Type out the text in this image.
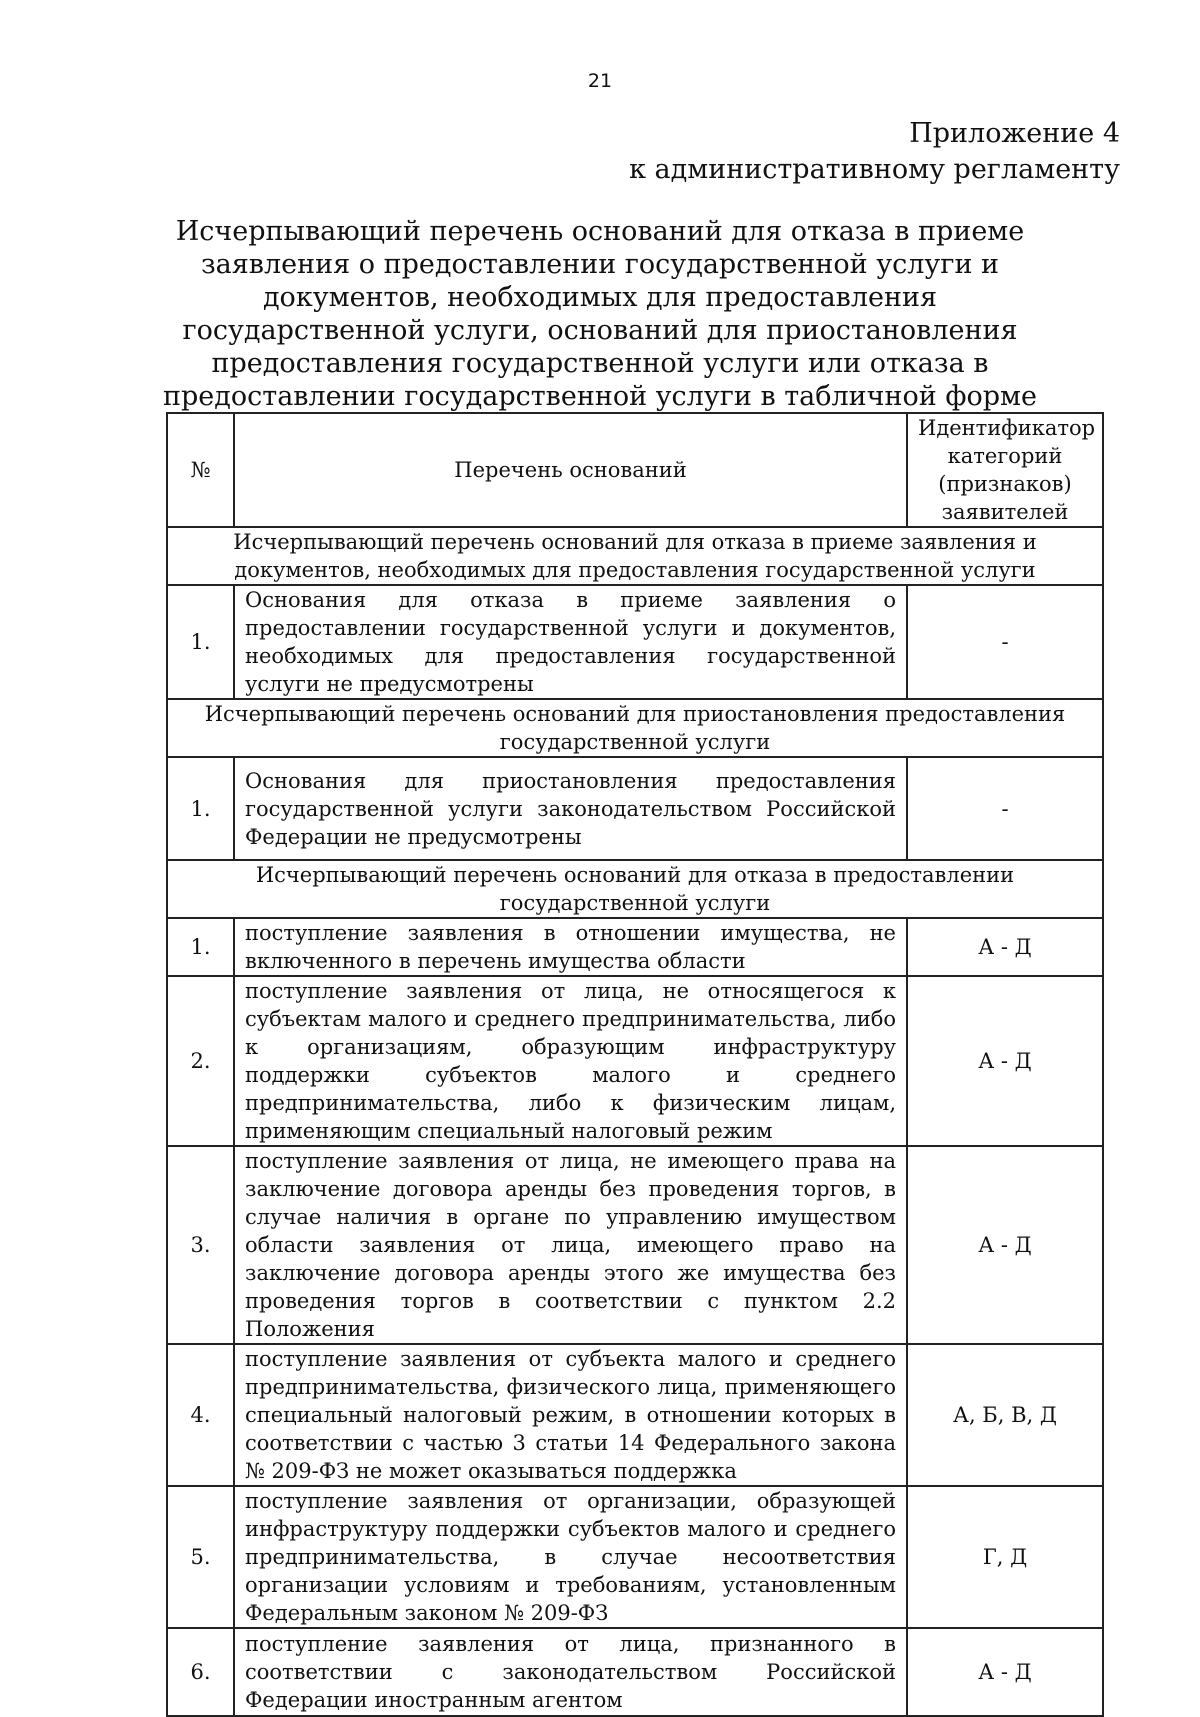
21
Приложение 4
к административному регламенту
Исчерпывающий перечень оснований для отказа в приеме заявления о предоставлении государственной услуги и документов, необходимых для предоставления государственной услуги, оснований для приостановления предоставления государственной услуги или отказа в предоставлении государственной услуги в табличной форме
№	Перечень оснований	Идентификатор категорий (признаков) заявителей
Исчерпывающий перечень оснований для отказа в приеме заявления и документов, необходимых для предоставления государственной услуги		
1.	Основания для отказа в приеме заявления о предоставлении государственной услуги и документов, необходимых для предоставления государственной услуги не предусмотрены	-
Исчерпывающий перечень оснований для приостановления предоставления государственной услуги		
1.	Основания для приостановления предоставления государственной услуги законодательством Российской Федерации не предусмотрены	-
Исчерпывающий перечень оснований для отказа в предоставлении государственной услуги		
1.	поступление заявления в отношении имущества, не включенного в перечень имущества области	А - Д
2.	поступление заявления от лица, не относящегося к субъектам малого и среднего предпринимательства, либо к организациям, образующим инфраструктуру поддержки субъектов малого и среднего предпринимательства, либо к физическим лицам, применяющим специальный налоговый режим	А - Д
3.	поступление заявления от лица, не имеющего права на заключение договора аренды без проведения торгов, в случае наличия в органе по управлению имуществом области заявления от лица, имеющего право на заключение договора аренды этого же имущества без проведения торгов в соответствии с пунктом 2.2 Положения	А - Д
4.	поступление заявления от субъекта малого и среднего предпринимательства, физического лица, применяющего специальный налоговый режим, в отношении которых в соответствии с частью 3 статьи 14 Федерального закона № 209-ФЗ не может оказываться поддержка	А, Б, В, Д
5.	поступление заявления от организации, образующей инфраструктуру поддержки субъектов малого и среднего предпринимательства, в случае несоответствия организации условиям и требованиям, установленным Федеральным законом № 209-ФЗ	Г, Д
6.	поступление заявления от лица, признанного в соответствии с законодательством Российской Федерации иностранным агентом	А - Д
